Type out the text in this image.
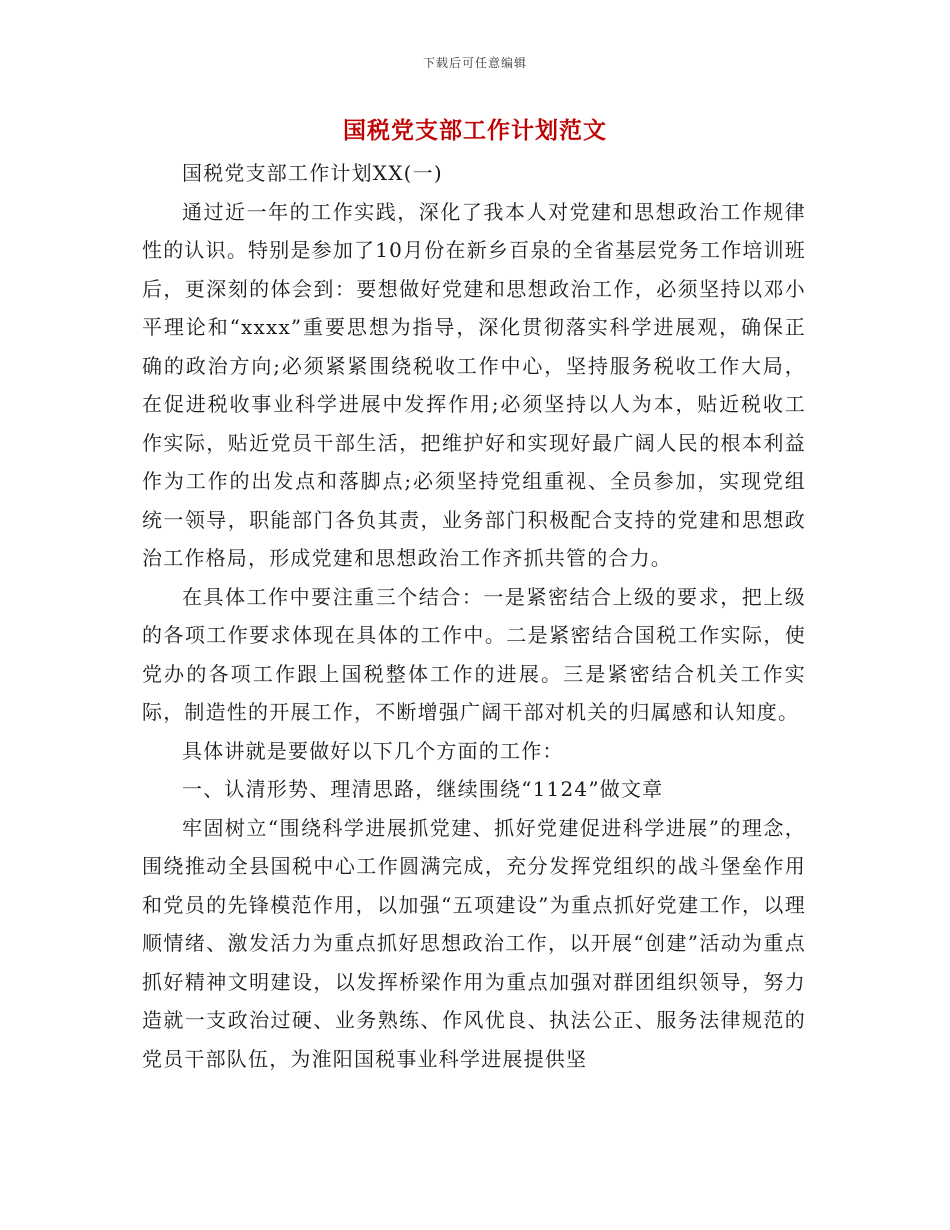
下载后可任意编辑
国税党支部工作计划范文

国税党支部工作计划XX(一)

通过近一年的工作实践，深化了我本人对党建和思想政治工作规律性的认识。特别是参加了10月份在新乡百泉的全省基层党务工作培训班后，更深刻的体会到：要想做好党建和思想政治工作，必须坚持以邓小平理论和“xxxx”重要思想为指导，深化贯彻落实科学进展观，确保正确的政治方向;必须紧紧围绕税收工作中心，坚持服务税收工作大局，在促进税收事业科学进展中发挥作用;必须坚持以人为本，贴近税收工作实际，贴近党员干部生活，把维护好和实现好最广阔人民的根本利益作为工作的出发点和落脚点;必须坚持党组重视、全员参加，实现党组统一领导，职能部门各负其责，业务部门积极配合支持的党建和思想政治工作格局，形成党建和思想政治工作齐抓共管的合力。

在具体工作中要注重三个结合：一是紧密结合上级的要求，把上级的各项工作要求体现在具体的工作中。二是紧密结合国税工作实际，使党办的各项工作跟上国税整体工作的进展。三是紧密结合机关工作实际，制造性的开展工作，不断增强广阔干部对机关的归属感和认知度。

具体讲就是要做好以下几个方面的工作：

一、认清形势、理清思路，继续围绕“1124”做文章

牢固树立“围绕科学进展抓党建、抓好党建促进科学进展”的理念，围绕推动全县国税中心工作圆满完成，充分发挥党组织的战斗堡垒作用和党员的先锋模范作用，以加强“五项建设”为重点抓好党建工作，以理顺情绪、激发活力为重点抓好思想政治工作，以开展“创建”活动为重点抓好精神文明建设，以发挥桥梁作用为重点加强对群团组织领导，努力造就一支政治过硬、业务熟练、作风优良、执法公正、服务法律规范的党员干部队伍，为淮阳国税事业科学进展提供坚
